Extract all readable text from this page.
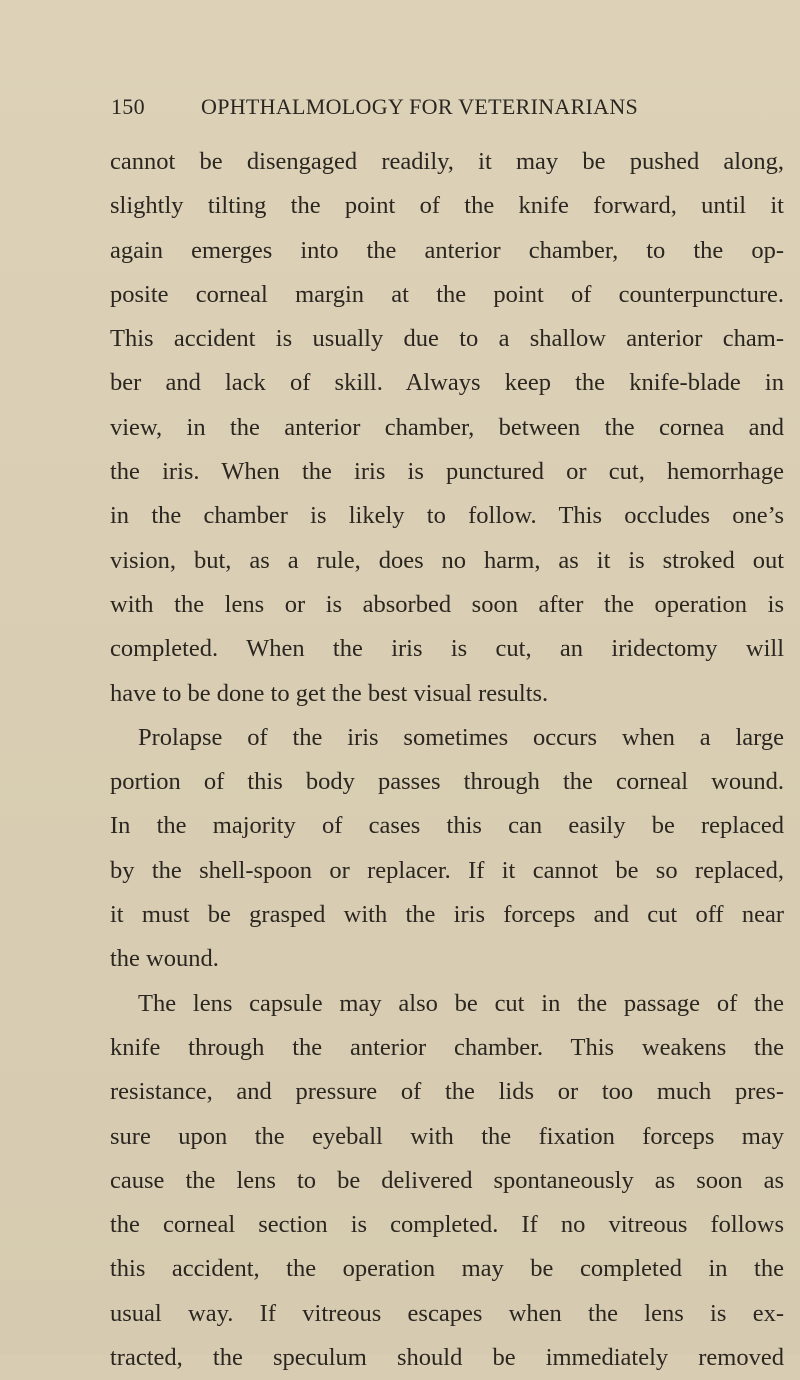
150	OPHTHALMOLOGY FOR VETERINARIANS
cannot be disengaged readily, it may be pushed along,
slightly tilting the point of the knife forward, until it
again emerges into the anterior chamber, to the op-
posite corneal margin at the point of counterpuncture.
This accident is usually due to a shallow anterior cham-
ber and lack of skill. Always keep the knife-blade in
view, in the anterior chamber, between the cornea and
the iris. When the iris is punctured or cut, hemorrhage
in the chamber is likely to follow. This occludes one’s
vision, but, as a rule, does no harm, as it is stroked out
with the lens or is absorbed soon after the operation is
completed. When the iris is cut, an iridectomy will
have to be done to get the best visual results.
Prolapse of the iris sometimes occurs when a large
portion of this body passes through the corneal wound.
In the majority of cases this can easily be replaced
by the shell-spoon or replacer. If it cannot be so replaced,
it must be grasped with the iris forceps and cut off near
the wound.
The lens capsule may also be cut in the passage of the
knife through the anterior chamber. This weakens the
resistance, and pressure of the lids or too much pres-
sure upon the eyeball with the fixation forceps may
cause the lens to be delivered spontaneously as soon as
the corneal section is completed. If no vitreous follows
this accident, the operation may be completed in the
usual way. If vitreous escapes when the lens is ex-
tracted, the speculum should be immediately removed
